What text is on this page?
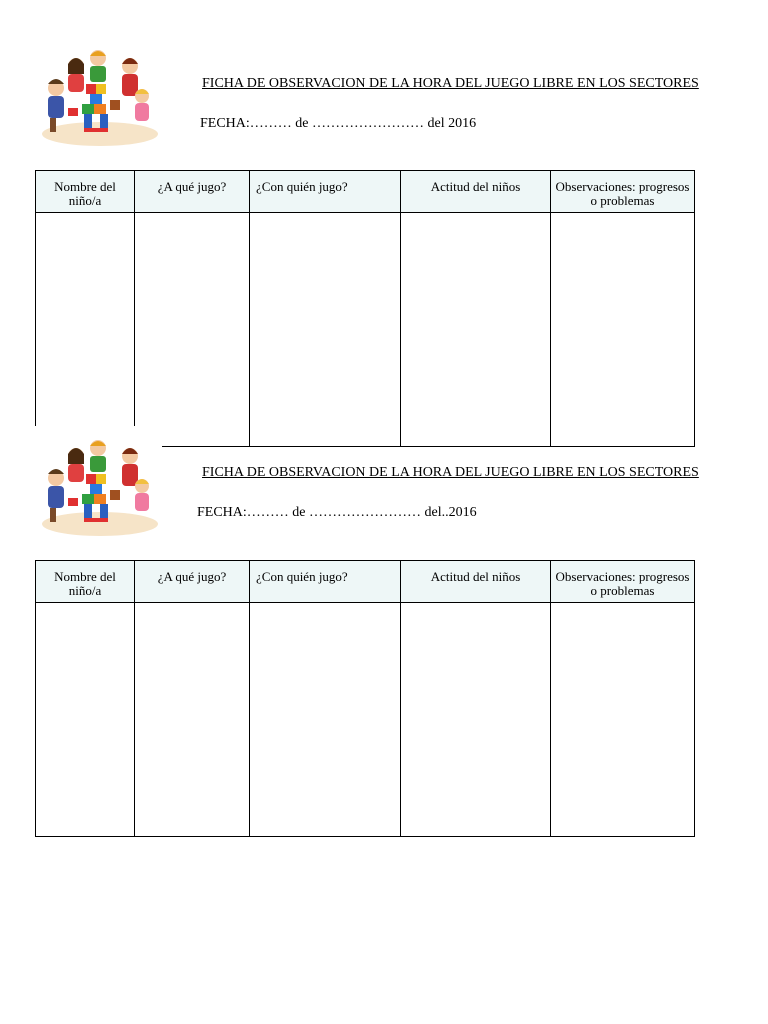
FICHA DE OBSERVACION DE LA HORA DEL JUEGO LIBRE EN LOS SECTORES
FECHA:……… de …………………… del 2016
Nombre del niño/a	¿A qué jugo?	¿Con quién jugo?	Actitud del niños	Observaciones: progresos o problemas

FICHA DE OBSERVACION DE LA HORA DEL JUEGO LIBRE EN LOS SECTORES
FECHA:……… de …………………… del..2016
Nombre del niño/a	¿A qué jugo?	¿Con quién jugo?	Actitud del niños	Observaciones: progresos o problemas
